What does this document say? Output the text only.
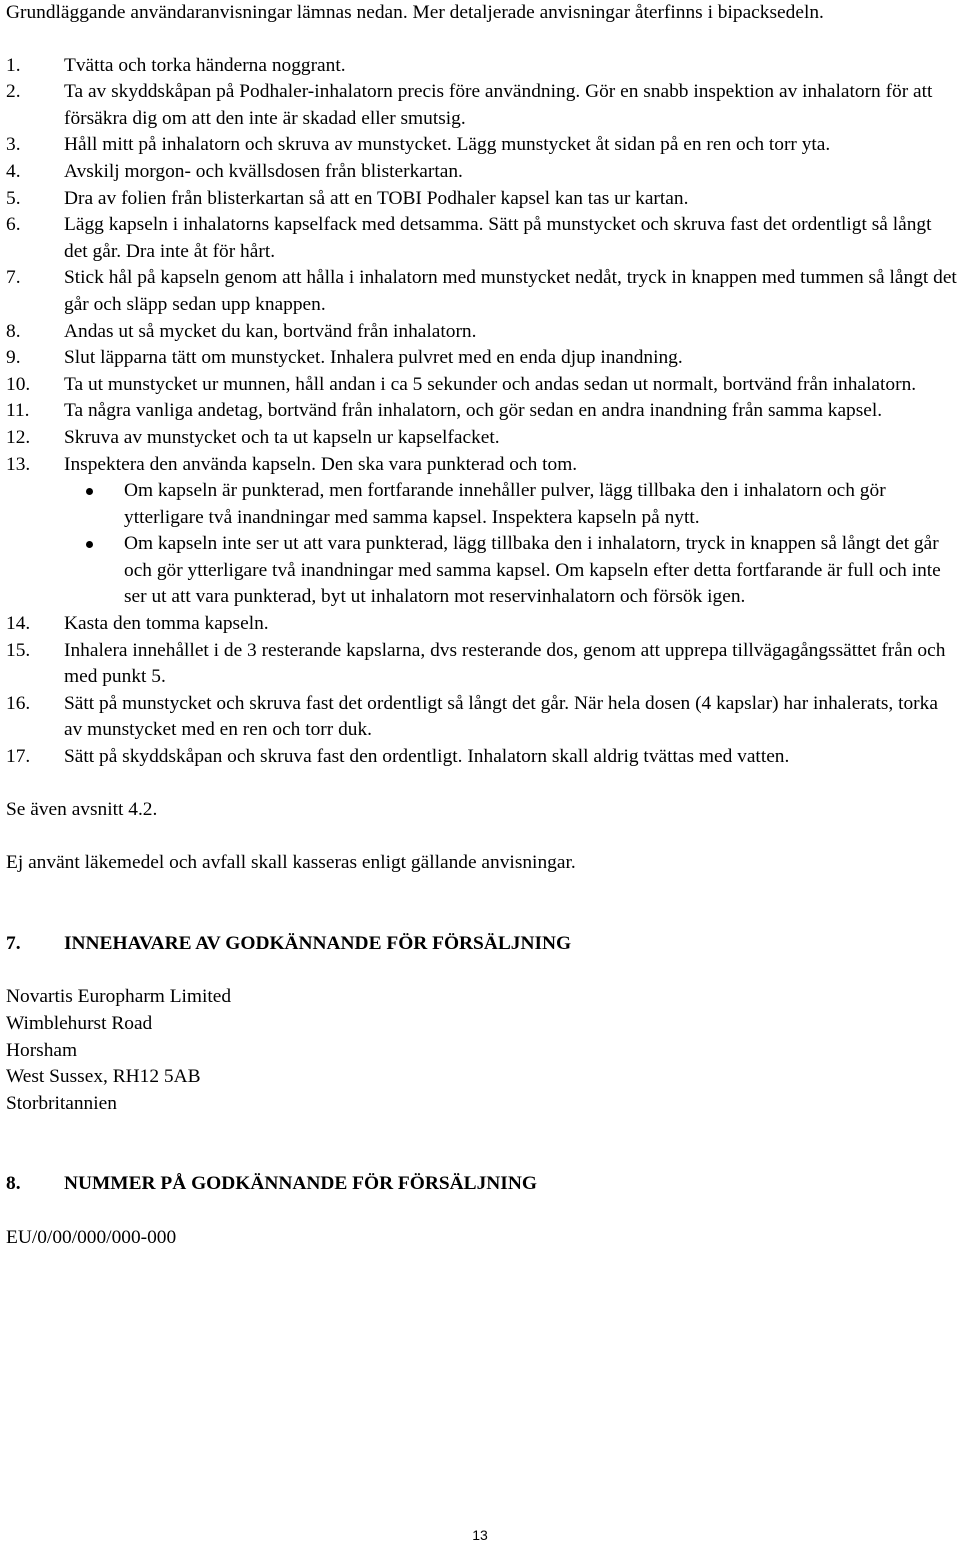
Grundläggande användaranvisningar lämnas nedan. Mer detaljerade anvisningar återfinns i bipacksedeln.

1. Tvätta och torka händerna noggrant.
2. Ta av skyddskåpan på Podhaler-inhalatorn precis före användning. Gör en snabb inspektion av inhalatorn för att försäkra dig om att den inte är skadad eller smutsig.
3. Håll mitt på inhalatorn och skruva av munstycket. Lägg munstycket åt sidan på en ren och torr yta.
4. Avskilj morgon- och kvällsdosen från blisterkartan.
5. Dra av folien från blisterkartan så att en TOBI Podhaler kapsel kan tas ur kartan.
6. Lägg kapseln i inhalatorns kapselfack med detsamma. Sätt på munstycket och skruva fast det ordentligt så långt det går. Dra inte åt för hårt.
7. Stick hål på kapseln genom att hålla i inhalatorn med munstycket nedåt, tryck in knappen med tummen så långt det går och släpp sedan upp knappen.
8. Andas ut så mycket du kan, bortvänd från inhalatorn.
9. Slut läpparna tätt om munstycket. Inhalera pulvret med en enda djup inandning.
10. Ta ut munstycket ur munnen, håll andan i ca 5 sekunder och andas sedan ut normalt, bortvänd från inhalatorn.
11. Ta några vanliga andetag, bortvänd från inhalatorn, och gör sedan en andra inandning från samma kapsel.
12. Skruva av munstycket och ta ut kapseln ur kapselfacket.
13. Inspektera den använda kapseln. Den ska vara punkterad och tom.
Om kapseln är punkterad, men fortfarande innehåller pulver, lägg tillbaka den i inhalatorn och gör ytterligare två inandningar med samma kapsel. Inspektera kapseln på nytt.
Om kapseln inte ser ut att vara punkterad, lägg tillbaka den i inhalatorn, tryck in knappen så långt det går och gör ytterligare två inandningar med samma kapsel. Om kapseln efter detta fortfarande är full och inte ser ut att vara punkterad, byt ut inhalatorn mot reservinhalatorn och försök igen.
14. Kasta den tomma kapseln.
15. Inhalera innehållet i de 3 resterande kapslarna, dvs resterande dos, genom att upprepa tillvägagångssättet från och med punkt 5.
16. Sätt på munstycket och skruva fast det ordentligt så långt det går. När hela dosen (4 kapslar) har inhalerats, torka av munstycket med en ren och torr duk.
17. Sätt på skyddskåpan och skruva fast den ordentligt. Inhalatorn skall aldrig tvättas med vatten.

Se även avsnitt 4.2.

Ej använt läkemedel och avfall skall kasseras enligt gällande anvisningar.

7. INNEHAVARE AV GODKÄNNANDE FÖR FÖRSÄLJNING

Novartis Europharm Limited

Wimblehurst Road

Horsham

West Sussex, RH12 5AB

Storbritannien

8. NUMMER PÅ GODKÄNNANDE FÖR FÖRSÄLJNING

EU/0/00/000/000-000

13
